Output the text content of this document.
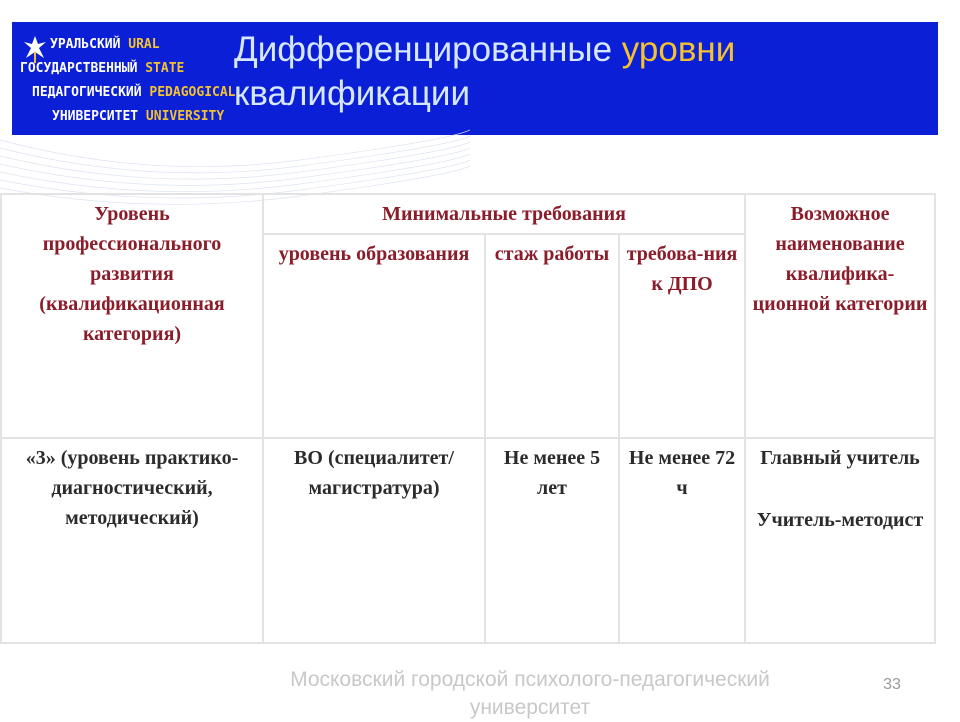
УРАЛЬСКИЙ URAL
ГОСУДАРСТВЕННЫЙ STATE
ПЕДАГОГИЧЕСКИЙ PEDAGOGICAL
УНИВЕРСИТЕТ UNIVERSITY
Дифференцированные уровни
квалификации
Уровень профессионального развития (квалификационная категория)	Минимальные требования			Возможное наименование квалифика-ционной категории
	уровень образования	стаж работы	требова-ния к ДПО	
«3» (уровень практико-диагностический, методический)	ВО (специалитет/ магистратура)	Не менее 5 лет	Не менее 72 ч	Главный учитель
Учитель-методист
Московский городской психолого-педагогический университет
33
